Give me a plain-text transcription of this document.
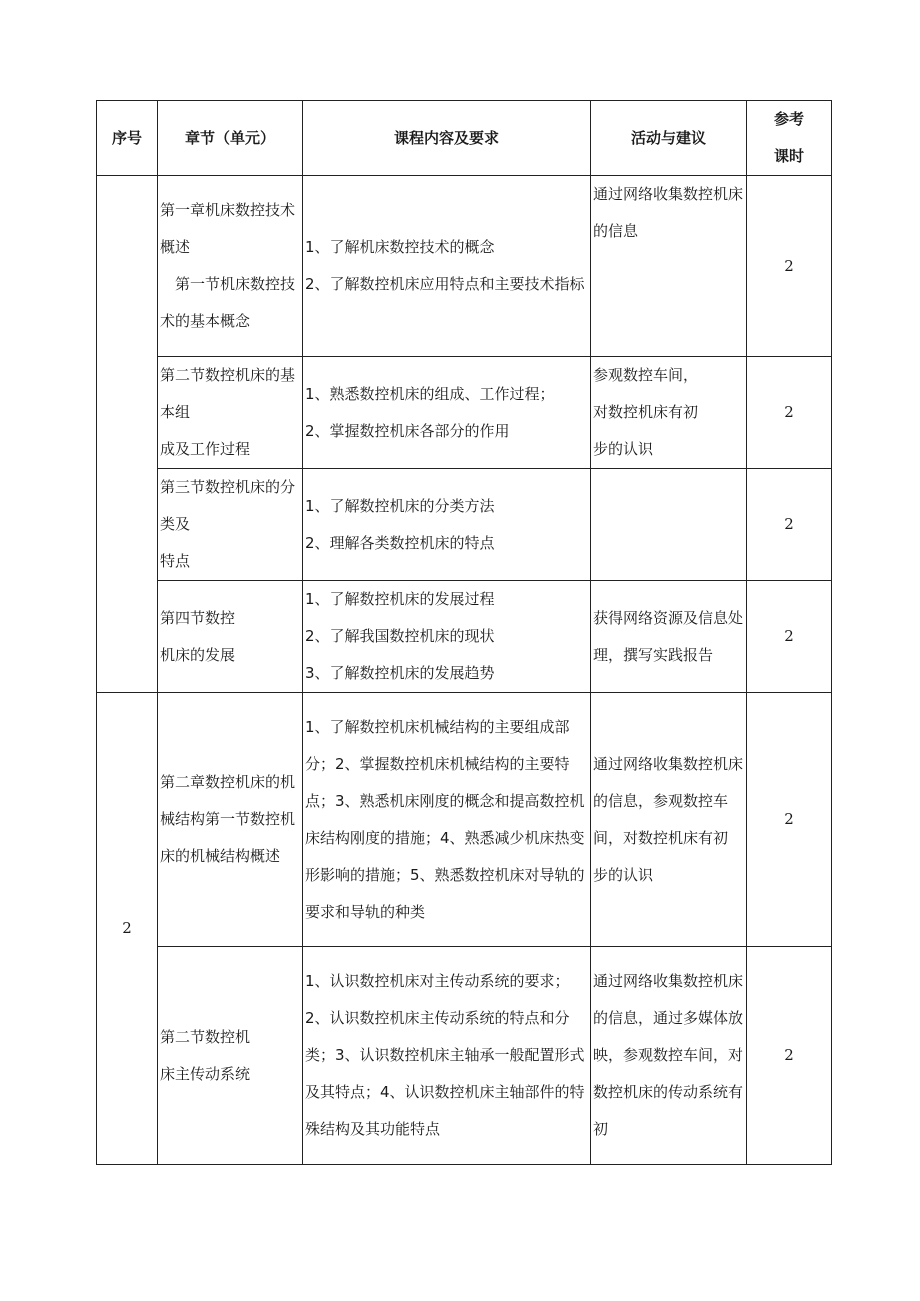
序号	章节（单元）	课程内容及要求	活动与建议	参考
课时
	第一章机床数控技术概述
　第一节机床数控技术的基本概念	1、了解机床数控技术的概念
2、了解数控机床应用特点和主要技术指标	通过网络收集数控机床的信息	2
	第二节数控机床的基本组
成及工作过程	1、熟悉数控机床的组成、工作过程；
2、掌握数控机床各部分的作用	参观数控车间，
对数控机床有初
步的认识	2
	第三节数控机床的分类及
特点	1、了解数控机床的分类方法
2、理解各类数控机床的特点		2
	第四节数控
机床的发展	1、了解数控机床的发展过程
2、了解我国数控机床的现状
3、了解数控机床的发展趋势	获得网络资源及信息处理，撰写实践报告	2
2	第二章数控机床的机械结构第一节数控机床的机械结构概述	1、了解数控机床机械结构的主要组成部分；2、掌握数控机床机械结构的主要特点；3、熟悉机床刚度的概念和提高数控机床结构刚度的措施；4、熟悉减少机床热变形影响的措施；5、熟悉数控机床对导轨的要求和导轨的种类	通过网络收集数控机床的信息，参观数控车间，对数控机床有初
步的认识	2
	第二节数控机
床主传动系统	1、认识数控机床对主传动系统的要求；2、认识数控机床主传动系统的特点和分类；3、认识数控机床主轴承一般配置形式及其特点；4、认识数控机床主轴部件的特殊结构及其功能特点	通过网络收集数控机床的信息，通过多媒体放映，参观数控车间，对数控机床的传动系统有初	2
